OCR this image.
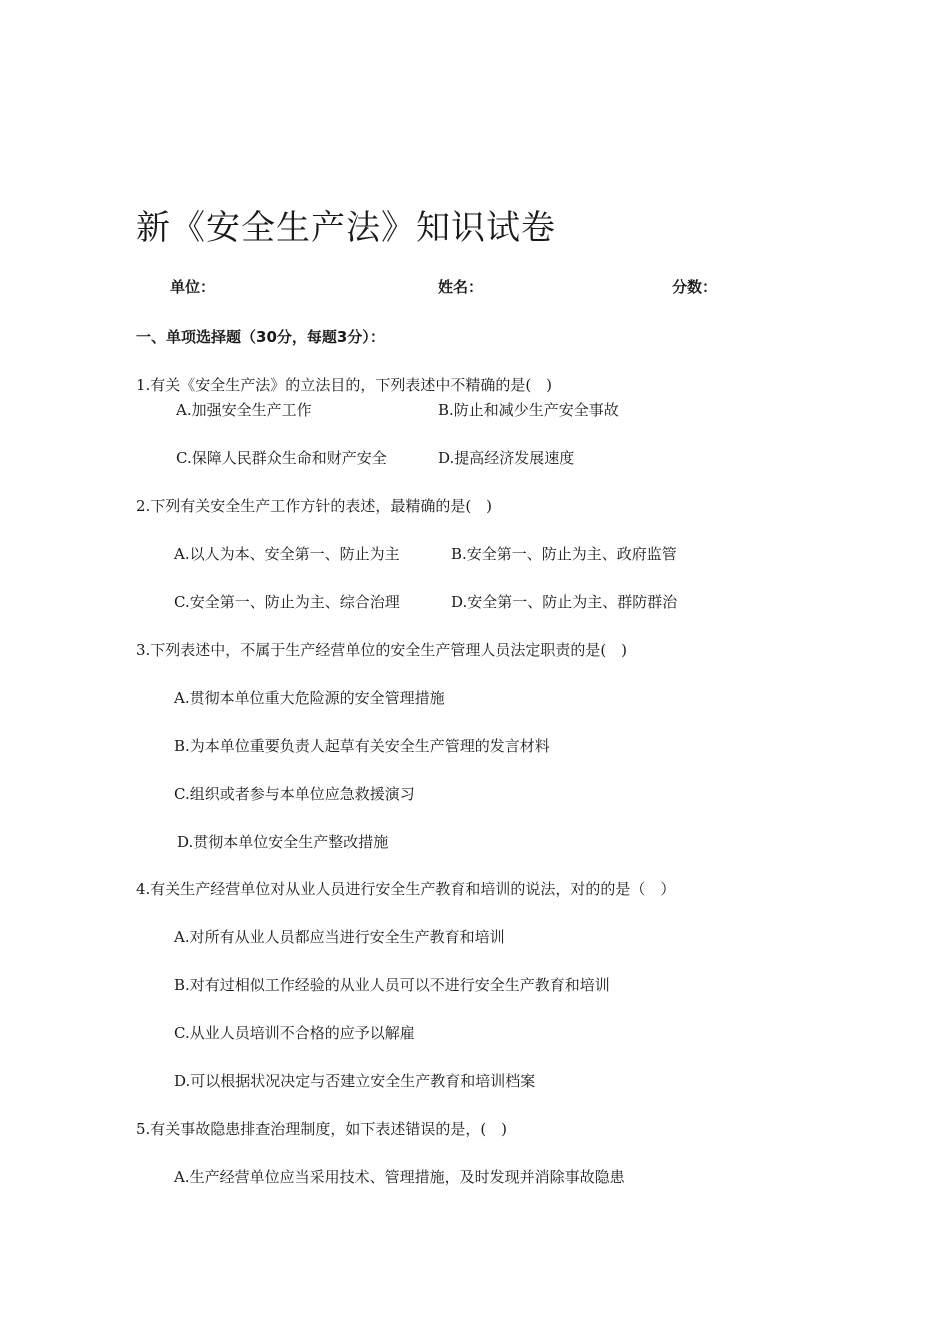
新《安全生产法》知识试卷
单位：	姓名：	分数：
一、单项选择题（30分，每题3分）：
1.有关《安全生产法》的立法目的，下列表述中不精确的是(　)
A.加强安全生产工作	B.防止和减少生产安全事故
C.保障人民群众生命和财产安全	D.提高经济发展速度
2.下列有关安全生产工作方针的表述，最精确的是(　)
A.以人为本、安全第一、防止为主	B.安全第一、防止为主、政府监管
C.安全第一、防止为主、综合治理	D.安全第一、防止为主、群防群治
3.下列表述中，不属于生产经营单位的安全生产管理人员法定职责的是(　)
A.贯彻本单位重大危险源的安全管理措施
B.为本单位重要负责人起草有关安全生产管理的发言材料
C.组织或者参与本单位应急救援演习
D.贯彻本单位安全生产整改措施
4.有关生产经营单位对从业人员进行安全生产教育和培训的说法，对的的是（　）
A.对所有从业人员都应当进行安全生产教育和培训
B.对有过相似工作经验的从业人员可以不进行安全生产教育和培训
C.从业人员培训不合格的应予以解雇
D.可以根据状况决定与否建立安全生产教育和培训档案
5.有关事故隐患排查治理制度，如下表述错误的是，(　)
A.生产经营单位应当采用技术、管理措施，及时发现并消除事故隐患
